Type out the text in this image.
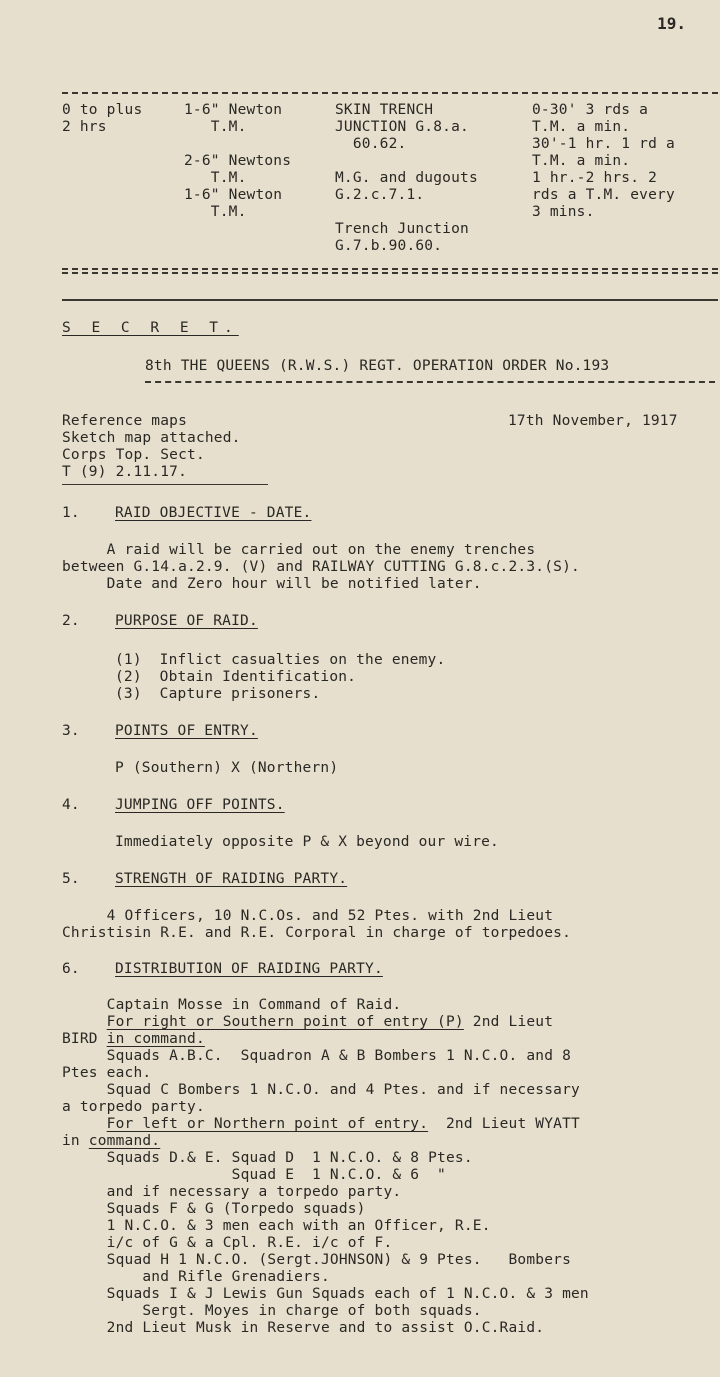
19.
0 to plus
2 hrs
1-6" Newton
T.M.

2-6" Newtons
T.M.
1-6" Newton
T.M.
SKIN TRENCH
JUNCTION G.8.a.
60.62.

M.G. and dugouts
G.2.c.7.1.

Trench Junction
G.7.b.90.60.
0-30' 3 rds a
T.M. a min.
30'-1 hr. 1 rd a
T.M. a min.
1 hr.-2 hrs. 2
rds a T.M. every
3 mins.
S E C R E T.
8th THE QUEENS (R.W.S.) REGT. OPERATION ORDER No.193
Reference maps
Sketch map attached.
Corps Top. Sect.
T (9) 2.11.17.
17th November, 1917
1. RAID OBJECTIVE - DATE.
A raid will be carried out on the enemy trenches
between G.14.a.2.9. (V) and RAILWAY CUTTING G.8.c.2.3.(S).
Date and Zero hour will be notified later.
2. PURPOSE OF RAID.
(1)  Inflict casualties on the enemy.
(2)  Obtain Identification.
(3)  Capture prisoners.
3. POINTS OF ENTRY.
P (Southern) X (Northern)
4. JUMPING OFF POINTS.
Immediately opposite P & X beyond our wire.
5. STRENGTH OF RAIDING PARTY.
4 Officers, 10 N.C.Os. and 52 Ptes. with 2nd Lieut
Christisin R.E. and R.E. Corporal in charge of torpedoes.
6. DISTRIBUTION OF RAIDING PARTY.
Captain Mosse in Command of Raid.
For right or Southern point of entry (P) 2nd Lieut
BIRD in command.
Squads A.B.C.  Squadron A & B Bombers 1 N.C.O. and 8
Ptes each.
Squad C Bombers 1 N.C.O. and 4 Ptes. and if necessary
a torpedo party.
For left or Northern point of entry.  2nd Lieut WYATT
in command.
Squads D.& E. Squad D  1 N.C.O. & 8 Ptes.
Squad E  1 N.C.O. & 6  "
and if necessary a torpedo party.
Squads F & G (Torpedo squads)
1 N.C.O. & 3 men each with an Officer, R.E.
i/c of G & a Cpl. R.E. i/c of F.
Squad H 1 N.C.O. (Sergt.JOHNSON) & 9 Ptes.   Bombers
and Rifle Grenadiers.
Squads I & J Lewis Gun Squads each of 1 N.C.O. & 3 men
Sergt. Moyes in charge of both squads.
2nd Lieut Musk in Reserve and to assist O.C.Raid.
